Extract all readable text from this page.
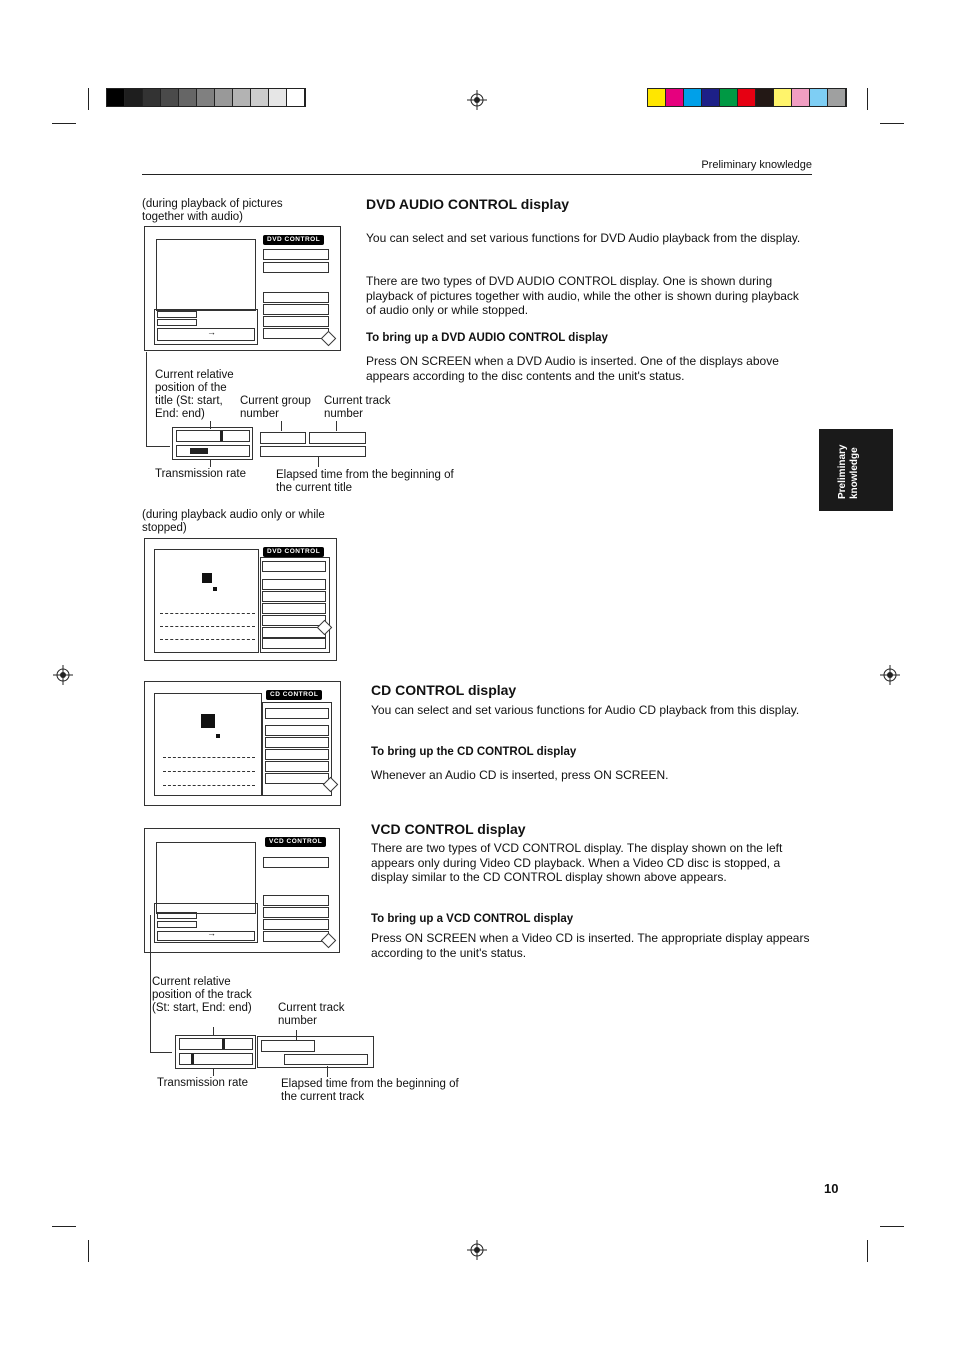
Preliminary knowledge
Preliminary knowledge
(during playback of pictures together with audio)
DVD CONTROL
→
Current relative position of the title (St: start, End: end)
Current group number
Current track number
Transmission rate	Elapsed time from the beginning of the current title
DVD AUDIO CONTROL display

You can select and set various functions for DVD Audio playback from the display.

There are two types of DVD AUDIO CONTROL display. One is shown during playback of pictures together with audio, while the other is shown during playback of audio only or while stopped.

To bring up a DVD AUDIO CONTROL display

Press ON SCREEN when a DVD Audio is inserted. One of the displays above appears according to the disc contents and the unit's status.

(during playback audio only or while stopped)
DVD CONTROL
CD CONTROL	CD CONTROL display

You can select and set various functions for Audio CD playback from this display.

To bring up the CD CONTROL display

Whenever an Audio CD is inserted, press ON SCREEN.

VCD CONTROL
→
VCD CONTROL display

There are two types of VCD CONTROL display. The display shown on the left appears only during Video CD playback. When a Video CD disc is stopped, a display similar to the CD CONTROL display shown above appears.

To bring up a VCD CONTROL display

Press ON SCREEN when a Video CD is inserted. The appropriate display appears according to the unit's status.

Current relative position of the track (St: start, End: end)	Current track number
Transmission rate	Elapsed time from the beginning of the current track
10
